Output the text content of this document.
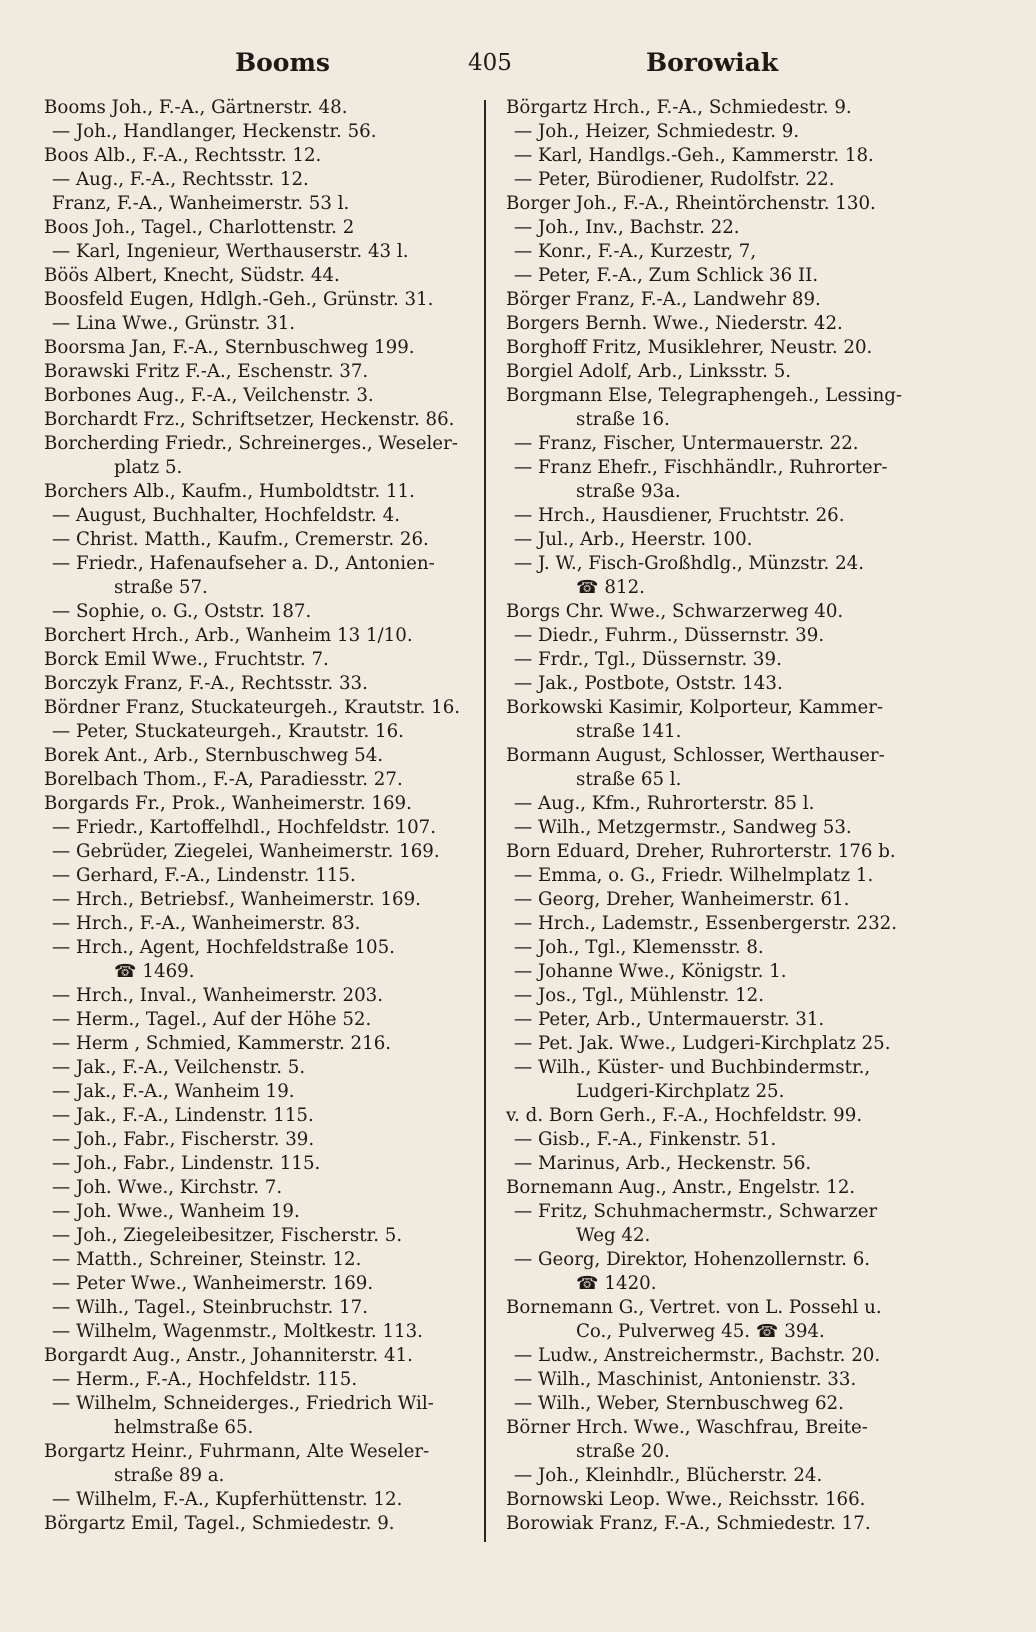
Booms	405	Borowiak
Booms Joh., F.-A., Gärtnerstr. 48.
— Joh., Handlanger, Heckenstr. 56.
Boos Alb., F.-A., Rechtsstr. 12.
— Aug., F.-A., Rechtsstr. 12.
Franz, F.-A., Wanheimerstr. 53 l.
Boos Joh., Tagel., Charlottenstr. 2
— Karl, Ingenieur, Werthauserstr. 43 l.
Böös Albert, Knecht, Südstr. 44.
Boosfeld Eugen, Hdlgh.-Geh., Grünstr. 31.
— Lina Wwe., Grünstr. 31.
Boorsma Jan, F.-A., Sternbuschweg 199.
Borawski Fritz F.-A., Eschenstr. 37.
Borbones Aug., F.-A., Veilchenstr. 3.
Borchardt Frz., Schriftsetzer, Heckenstr. 86.
Borcherding Friedr., Schreinerges., Weseler-
platz 5.
Borchers Alb., Kaufm., Humboldtstr. 11.
— August, Buchhalter, Hochfeldstr. 4.
— Christ. Matth., Kaufm., Cremerstr. 26.
— Friedr., Hafenaufseher a. D., Antonien-
straße 57.
— Sophie, o. G., Oststr. 187.
Borchert Hrch., Arb., Wanheim 13 1/10.
Borck Emil Wwe., Fruchtstr. 7.
Borczyk Franz, F.-A., Rechtsstr. 33.
Bördner Franz, Stuckateurgeh., Krautstr. 16.
— Peter, Stuckateurgeh., Krautstr. 16.
Borek Ant., Arb., Sternbuschweg 54.
Borelbach Thom., F.-A, Paradiesstr. 27.
Borgards Fr., Prok., Wanheimerstr. 169.
— Friedr., Kartoffelhdl., Hochfeldstr. 107.
— Gebrüder, Ziegelei, Wanheimerstr. 169.
— Gerhard, F.-A., Lindenstr. 115.
— Hrch., Betriebsf., Wanheimerstr. 169.
— Hrch., F.-A., Wanheimerstr. 83.
— Hrch., Agent, Hochfeldstraße 105.
☎ 1469.
— Hrch., Inval., Wanheimerstr. 203.
— Herm., Tagel., Auf der Höhe 52.
— Herm , Schmied, Kammerstr. 216.
— Jak., F.-A., Veilchenstr. 5.
— Jak., F.-A., Wanheim 19.
— Jak., F.-A., Lindenstr. 115.
— Joh., Fabr., Fischerstr. 39.
— Joh., Fabr., Lindenstr. 115.
— Joh. Wwe., Kirchstr. 7.
— Joh. Wwe., Wanheim 19.
— Joh., Ziegeleibesitzer, Fischerstr. 5.
— Matth., Schreiner, Steinstr. 12.
— Peter Wwe., Wanheimerstr. 169.
— Wilh., Tagel., Steinbruchstr. 17.
— Wilhelm, Wagenmstr., Moltkestr. 113.
Borgardt Aug., Anstr., Johanniterstr. 41.
— Herm., F.-A., Hochfeldstr. 115.
— Wilhelm, Schneiderges., Friedrich Wil-
helmstraße 65.
Borgartz Heinr., Fuhrmann, Alte Weseler-
straße 89 a.
— Wilhelm, F.-A., Kupferhüttenstr. 12.
Börgartz Emil, Tagel., Schmiedestr. 9.
Börgartz Hrch., F.-A., Schmiedestr. 9.
— Joh., Heizer, Schmiedestr. 9.
— Karl, Handlgs.-Geh., Kammerstr. 18.
— Peter, Bürodiener, Rudolfstr. 22.
Borger Joh., F.-A., Rheintörchenstr. 130.
— Joh., Inv., Bachstr. 22.
— Konr., F.-A., Kurzestr, 7,
— Peter, F.-A., Zum Schlick 36 II.
Börger Franz, F.-A., Landwehr 89.
Borgers Bernh. Wwe., Niederstr. 42.
Borghoff Fritz, Musiklehrer, Neustr. 20.
Borgiel Adolf, Arb., Linksstr. 5.
Borgmann Else, Telegraphengeh., Lessing-
straße 16.
— Franz, Fischer, Untermauerstr. 22.
— Franz Ehefr., Fischhändlr., Ruhrorter-
straße 93a.
— Hrch., Hausdiener, Fruchtstr. 26.
— Jul., Arb., Heerstr. 100.
— J. W., Fisch-Großhdlg., Münzstr. 24.
☎ 812.
Borgs Chr. Wwe., Schwarzerweg 40.
— Diedr., Fuhrm., Düssernstr. 39.
— Frdr., Tgl., Düssernstr. 39.
— Jak., Postbote, Oststr. 143.
Borkowski Kasimir, Kolporteur, Kammer-
straße 141.
Bormann August, Schlosser, Werthauser-
straße 65 l.
— Aug., Kfm., Ruhrorterstr. 85 l.
— Wilh., Metzgermstr., Sandweg 53.
Born Eduard, Dreher, Ruhrorterstr. 176 b.
— Emma, o. G., Friedr. Wilhelmplatz 1.
— Georg, Dreher, Wanheimerstr. 61.
— Hrch., Lademstr., Essenbergerstr. 232.
— Joh., Tgl., Klemensstr. 8.
— Johanne Wwe., Königstr. 1.
— Jos., Tgl., Mühlenstr. 12.
— Peter, Arb., Untermauerstr. 31.
— Pet. Jak. Wwe., Ludgeri-Kirchplatz 25.
— Wilh., Küster- und Buchbindermstr.,
Ludgeri-Kirchplatz 25.
v. d. Born Gerh., F.-A., Hochfeldstr. 99.
— Gisb., F.-A., Finkenstr. 51.
— Marinus, Arb., Heckenstr. 56.
Bornemann Aug., Anstr., Engelstr. 12.
— Fritz, Schuhmachermstr., Schwarzer
Weg 42.
— Georg, Direktor, Hohenzollernstr. 6.
☎ 1420.
Bornemann G., Vertret. von L. Possehl u.
Co., Pulverweg 45. ☎ 394.
— Ludw., Anstreichermstr., Bachstr. 20.
— Wilh., Maschinist, Antonienstr. 33.
— Wilh., Weber, Sternbuschweg 62.
Börner Hrch. Wwe., Waschfrau, Breite-
straße 20.
— Joh., Kleinhdlr., Blücherstr. 24.
Bornowski Leop. Wwe., Reichsstr. 166.
Borowiak Franz, F.-A., Schmiedestr. 17.
